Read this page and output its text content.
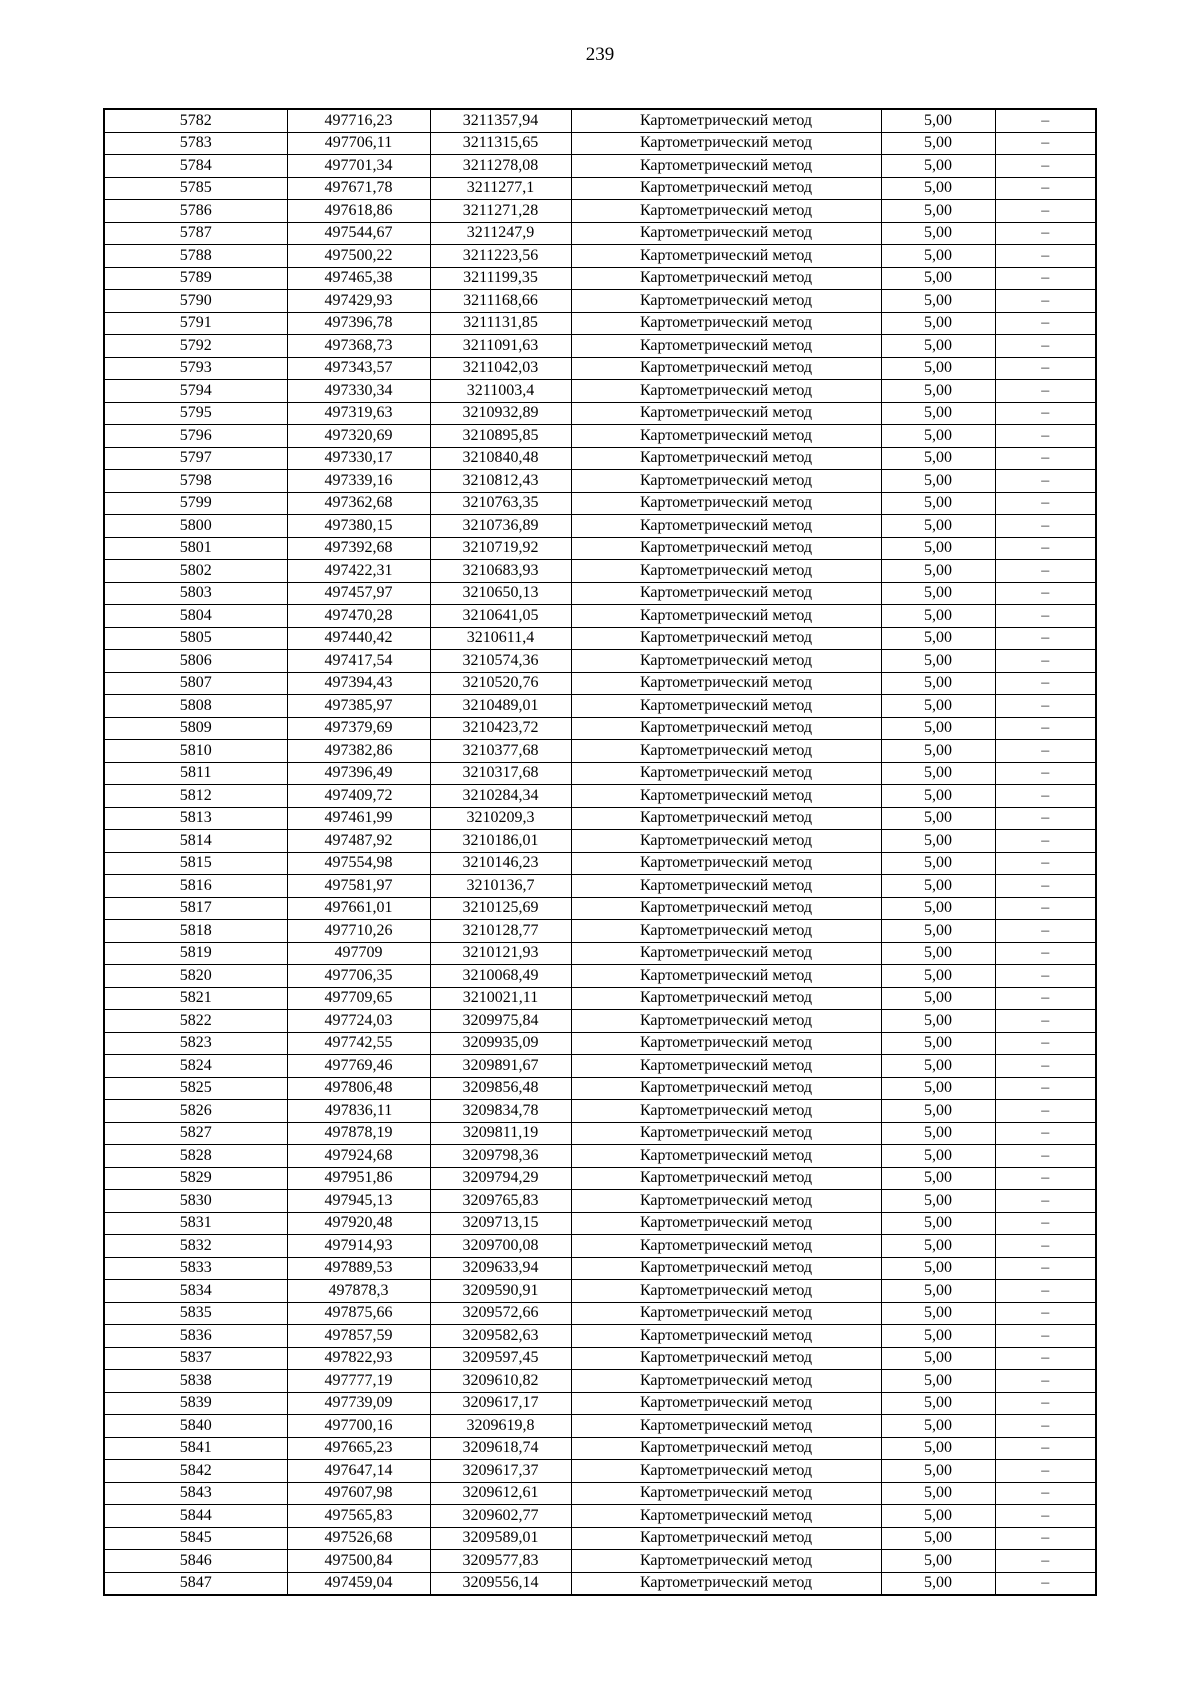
239
5782	497716,23	3211357,94	Картометрический метод	5,00	–
5783	497706,11	3211315,65	Картометрический метод	5,00	–
5784	497701,34	3211278,08	Картометрический метод	5,00	–
5785	497671,78	3211277,1	Картометрический метод	5,00	–
5786	497618,86	3211271,28	Картометрический метод	5,00	–
5787	497544,67	3211247,9	Картометрический метод	5,00	–
5788	497500,22	3211223,56	Картометрический метод	5,00	–
5789	497465,38	3211199,35	Картометрический метод	5,00	–
5790	497429,93	3211168,66	Картометрический метод	5,00	–
5791	497396,78	3211131,85	Картометрический метод	5,00	–
5792	497368,73	3211091,63	Картометрический метод	5,00	–
5793	497343,57	3211042,03	Картометрический метод	5,00	–
5794	497330,34	3211003,4	Картометрический метод	5,00	–
5795	497319,63	3210932,89	Картометрический метод	5,00	–
5796	497320,69	3210895,85	Картометрический метод	5,00	–
5797	497330,17	3210840,48	Картометрический метод	5,00	–
5798	497339,16	3210812,43	Картометрический метод	5,00	–
5799	497362,68	3210763,35	Картометрический метод	5,00	–
5800	497380,15	3210736,89	Картометрический метод	5,00	–
5801	497392,68	3210719,92	Картометрический метод	5,00	–
5802	497422,31	3210683,93	Картометрический метод	5,00	–
5803	497457,97	3210650,13	Картометрический метод	5,00	–
5804	497470,28	3210641,05	Картометрический метод	5,00	–
5805	497440,42	3210611,4	Картометрический метод	5,00	–
5806	497417,54	3210574,36	Картометрический метод	5,00	–
5807	497394,43	3210520,76	Картометрический метод	5,00	–
5808	497385,97	3210489,01	Картометрический метод	5,00	–
5809	497379,69	3210423,72	Картометрический метод	5,00	–
5810	497382,86	3210377,68	Картометрический метод	5,00	–
5811	497396,49	3210317,68	Картометрический метод	5,00	–
5812	497409,72	3210284,34	Картометрический метод	5,00	–
5813	497461,99	3210209,3	Картометрический метод	5,00	–
5814	497487,92	3210186,01	Картометрический метод	5,00	–
5815	497554,98	3210146,23	Картометрический метод	5,00	–
5816	497581,97	3210136,7	Картометрический метод	5,00	–
5817	497661,01	3210125,69	Картометрический метод	5,00	–
5818	497710,26	3210128,77	Картометрический метод	5,00	–
5819	497709	3210121,93	Картометрический метод	5,00	–
5820	497706,35	3210068,49	Картометрический метод	5,00	–
5821	497709,65	3210021,11	Картометрический метод	5,00	–
5822	497724,03	3209975,84	Картометрический метод	5,00	–
5823	497742,55	3209935,09	Картометрический метод	5,00	–
5824	497769,46	3209891,67	Картометрический метод	5,00	–
5825	497806,48	3209856,48	Картометрический метод	5,00	–
5826	497836,11	3209834,78	Картометрический метод	5,00	–
5827	497878,19	3209811,19	Картометрический метод	5,00	–
5828	497924,68	3209798,36	Картометрический метод	5,00	–
5829	497951,86	3209794,29	Картометрический метод	5,00	–
5830	497945,13	3209765,83	Картометрический метод	5,00	–
5831	497920,48	3209713,15	Картометрический метод	5,00	–
5832	497914,93	3209700,08	Картометрический метод	5,00	–
5833	497889,53	3209633,94	Картометрический метод	5,00	–
5834	497878,3	3209590,91	Картометрический метод	5,00	–
5835	497875,66	3209572,66	Картометрический метод	5,00	–
5836	497857,59	3209582,63	Картометрический метод	5,00	–
5837	497822,93	3209597,45	Картометрический метод	5,00	–
5838	497777,19	3209610,82	Картометрический метод	5,00	–
5839	497739,09	3209617,17	Картометрический метод	5,00	–
5840	497700,16	3209619,8	Картометрический метод	5,00	–
5841	497665,23	3209618,74	Картометрический метод	5,00	–
5842	497647,14	3209617,37	Картометрический метод	5,00	–
5843	497607,98	3209612,61	Картометрический метод	5,00	–
5844	497565,83	3209602,77	Картометрический метод	5,00	–
5845	497526,68	3209589,01	Картометрический метод	5,00	–
5846	497500,84	3209577,83	Картометрический метод	5,00	–
5847	497459,04	3209556,14	Картометрический метод	5,00	–
